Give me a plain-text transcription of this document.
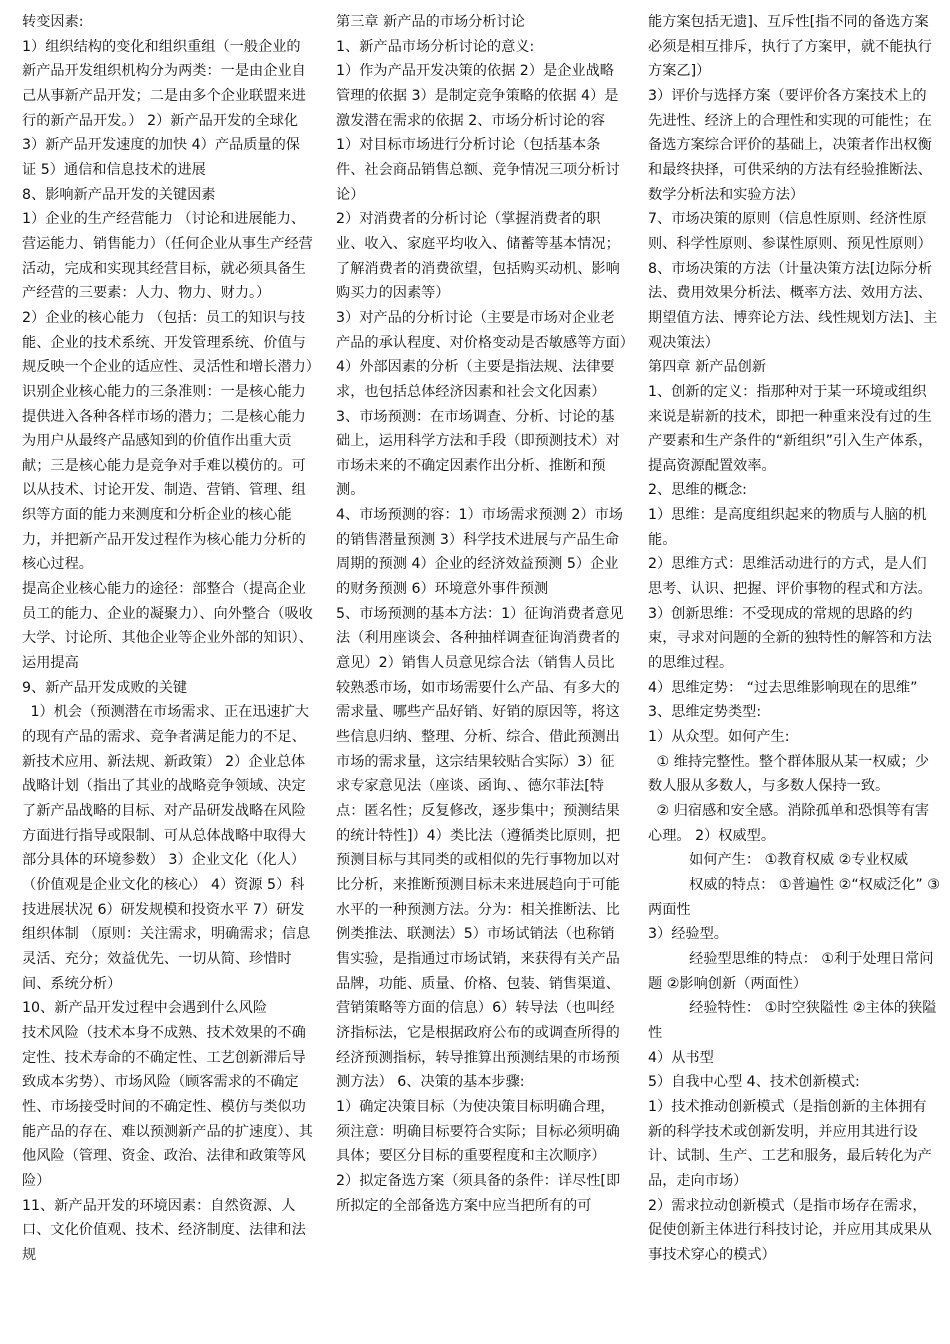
转变因素:

1）组织结构的变化和组织重组（一般企业的新产品开发组织机构分为两类：一是由企业自己从事新产品开发；二是由多个企业联盟来进行的新产品开发。） 2）新产品开发的全球化 3）新产品开发速度的加快 4）产品质量的保证 5）通信和信息技术的进展

8、影响新产品开发的关键因素

1）企业的生产经营能力 （讨论和进展能力、营运能力、销售能力）（任何企业从事生产经营活动，完成和实现其经营目标，就必须具备生产经营的三要素：人力、物力、财力。）

2）企业的核心能力 （包括：员工的知识与技能、企业的技术系统、开发管理系统、价值与规反映一个企业的适应性、灵活性和增长潜力）

识别企业核心能力的三条准则：一是核心能力提供进入各种各样市场的潜力；二是核心能力为用户从最终产品感知到的价值作出重大贡献；三是核心能力是竞争对手难以模仿的。可以从技术、讨论开发、制造、营销、管理、组织等方面的能力来测度和分析企业的核心能力，并把新产品开发过程作为核心能力分析的核心过程。

提高企业核心能力的途径：部整合（提高企业员工的能力、企业的凝聚力）、向外整合（吸收大学、讨论所、其他企业等企业外部的知识）、运用提高

9、新产品开发成败的关键

1）机会（预测潜在市场需求、正在迅速扩大的现有产品的需求、竞争者满足能力的不足、新技术应用、新法规、新政策） 2）企业总体战略计划（指出了其业的战略竞争领域、决定了新产品战略的目标、对产品研发战略在风险方面进行指导或限制、可从总体战略中取得大部分具体的环境参数） 3）企业文化（化人）（价值观是企业文化的核心） 4）资源 5）科技进展状况 6）研发规模和投资水平 7）研发组织体制 （原则：关注需求，明确需求；信息灵活、充分；效益优先、一切从简、珍惜时间、系统分析）

10、新产品开发过程中会遇到什么风险

技术风险（技术本身不成熟、技术效果的不确定性、技术寿命的不确定性、工艺创新滞后导致成本劣势）、市场风险（顾客需求的不确定性、市场接受时间的不确定性、模仿与类似功能产品的存在、难以预测新产品的扩速度）、其他风险（管理、资金、政治、法律和政策等风险）

11、新产品开发的环境因素：自然资源、人口、文化价值观、技术、经济制度、法律和法规

第三章 新产品的市场分析讨论

1、新产品市场分析讨论的意义:

1）作为产品开发决策的依据 2）是企业战略管理的依据 3）是制定竞争策略的依据 4）是激发潜在需求的依据 2、市场分析讨论的容

1）对目标市场进行分析讨论（包括基本条件、社会商品销售总额、竞争情况三项分析讨论）

2）对消费者的分析讨论（掌握消费者的职业、收入、家庭平均收入、储蓄等基本情况；了解消费者的消费欲望，包括购买动机、影响购买力的因素等）

3）对产品的分析讨论（主要是市场对企业老产品的承认程度、对价格变动是否敏感等方面）

4）外部因素的分析（主要是指法规、法律要求，也包括总体经济因素和社会文化因素） 3、市场预测：在市场调查、分析、讨论的基础上，运用科学方法和手段（即预测技术）对市场未来的不确定因素作出分析、推断和预测。

4、市场预测的容：1）市场需求预测 2）市场的销售潜量预测 3）科学技术进展与产品生命周期的预测 4）企业的经济效益预测 5）企业的财务预测 6）环境意外事件预测

5、市场预测的基本方法：1）征询消费者意见法（利用座谈会、各种抽样调查征询消费者的意见）2）销售人员意见综合法（销售人员比较熟悉市场，如市场需要什么产品、有多大的需求量、哪些产品好销、好销的原因等，将这些信息归纳、整理、分析、综合、借此预测出市场的需求量，这宗结果较贴合实际）3）征求专家意见法（座谈、函询、、德尔菲法[特点：匿名性；反复修改，逐步集中；预测结果的统计特性]）4）类比法（遵循类比原则，把预测目标与其同类的或相似的先行事物加以对比分析，来推断预测目标未来进展趋向于可能水平的一种预测方法。分为：相关推断法、比例类推法、联测法）5）市场试销法（也称销售实验，是指通过市场试销，来获得有关产品品牌，功能、质量、价格、包装、销售渠道、营销策略等方面的信息）6）转导法（也叫经济指标法，它是根据政府公布的或调查所得的经济预测指标，转导推算出预测结果的市场预测方法） 6、决策的基本步骤:

1）确定决策目标（为使决策目标明确合理，须注意：明确目标要符合实际；目标必须明确具体；要区分目标的重要程度和主次顺序）

2）拟定备选方案（须具备的条件：详尽性[即所拟定的全部备选方案中应当把所有的可

能方案包括无遗]、互斥性[指不同的备选方案必须是相互排斥，执行了方案甲，就不能执行方案乙]）

3）评价与选择方案（要评价各方案技术上的先进性、经济上的合理性和实现的可能性；在备选方案综合评价的基础上，决策者作出权衡和最终抉择，可供采纳的方法有经验推断法、数学分析法和实验方法）

7、市场决策的原则（信息性原则、经济性原则、科学性原则、参谋性原则、预见性原则）

8、市场决策的方法（计量决策方法[边际分析法、费用效果分析法、概率方法、效用方法、期望值方法、博弈论方法、线性规划方法]、主观决策法）

第四章 新产品创新

1、创新的定义：指那种对于某一环境或组织来说是崭新的技术，即把一种重来没有过的生产要素和生产条件的“新组织”引入生产体系，提高资源配置效率。

2、思维的概念:

1）思维：是高度组织起来的物质与人脑的机能。

2）思维方式：思维活动进行的方式，是人们思考、认识、把握、评价事物的程式和方法。

3）创新思维：不受现成的常规的思路的约束，寻求对问题的全新的独特性的解答和方法的思维过程。

4）思维定势： “过去思维影响现在的思维” 3、思维定势类型:

1）从众型。如何产生:

① 维持完整性。整个群体服从某一权威；少数人服从多数人，与多数人保持一致。

② 归宿感和安全感。消除孤单和恐惧等有害心理。 2）权威型。

如何产生： ①教育权威 ②专业权威

权威的特点： ①普遍性 ②“权威泛化” ③两面性

3）经验型。

经验型思维的特点： ①利于处理日常问题 ②影响创新（两面性）

经验特性： ①时空狭隘性 ②主体的狭隘性

4）从书型

5）自我中心型 4、技术创新模式:

1）技术推动创新模式（是指创新的主体拥有新的科学技术或创新发明，并应用其进行设计、试制、生产、工艺和服务，最后转化为产品，走向市场）

2）需求拉动创新模式（是指市场存在需求，促使创新主体进行科技讨论，并应用其成果从事技术穿心的模式）
